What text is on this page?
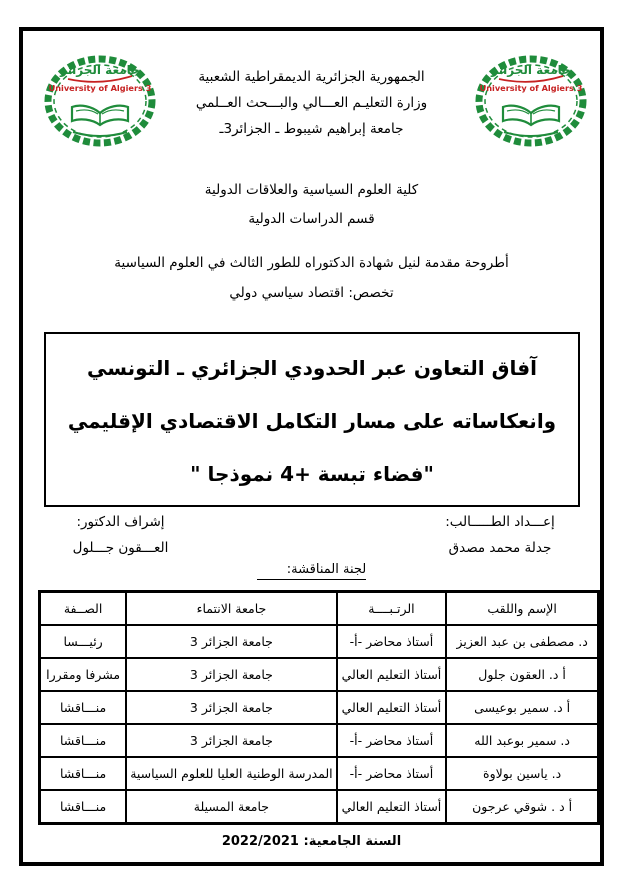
جامعة الجزائر
University of Algiers 3
جامعة الجزائر
University of Algiers 3
الجمهورية الجزائرية الديمقراطية الشعبية
وزارة التعليـم العـــالي والبـــحث العــلمي
جامعة إبراهيم شيبوط ـ الجزائر3ـ
كلية العلوم السياسية والعلاقات الدولية
قسم الدراسات الدولية
أطروحة مقدمة لنيل شهادة الدكتوراه للطور الثالث في العلوم السياسية
تخصص: اقتصاد سياسي دولي
آفاق التعاون عبر الحدودي الجزائري ـ التونسي
وانعكاساته على مسار التكامل الاقتصادي الإقليمي
"فضاء تبسة +4 نموذجا "
إعـــداد الطـــــالب:
جدلة محمد مصدق
إشراف الدكتور:
العـــقون جـــلول
لجنة المناقشة:
الإسم واللقب	الرتـبــــة	جامعة الانتماء	الصــفة
د. مصطفى بن عبد العزيز	أستاذ محاضر -أ-	جامعة الجزائر 3	رئيـــسا
أ د. العقون جلول	أستاذ التعليم العالي	جامعة الجزائر 3	مشرفا ومقررا
أ د. سمير بوعيسى	أستاذ التعليم العالي	جامعة الجزائر 3	منـــاقشا
د. سمير بوعبد الله	أستاذ محاضر -أ-	جامعة الجزائر 3	منـــاقشا
د. ياسين بولاوة	أستاذ محاضر -أ-	المدرسة الوطنية العليا للعلوم السياسية	منـــاقشا
أ د . شوقي عرجون	أستاذ التعليم العالي	جامعة المسيلة	منـــاقشا
السنة الجامعية: 2022/2021
